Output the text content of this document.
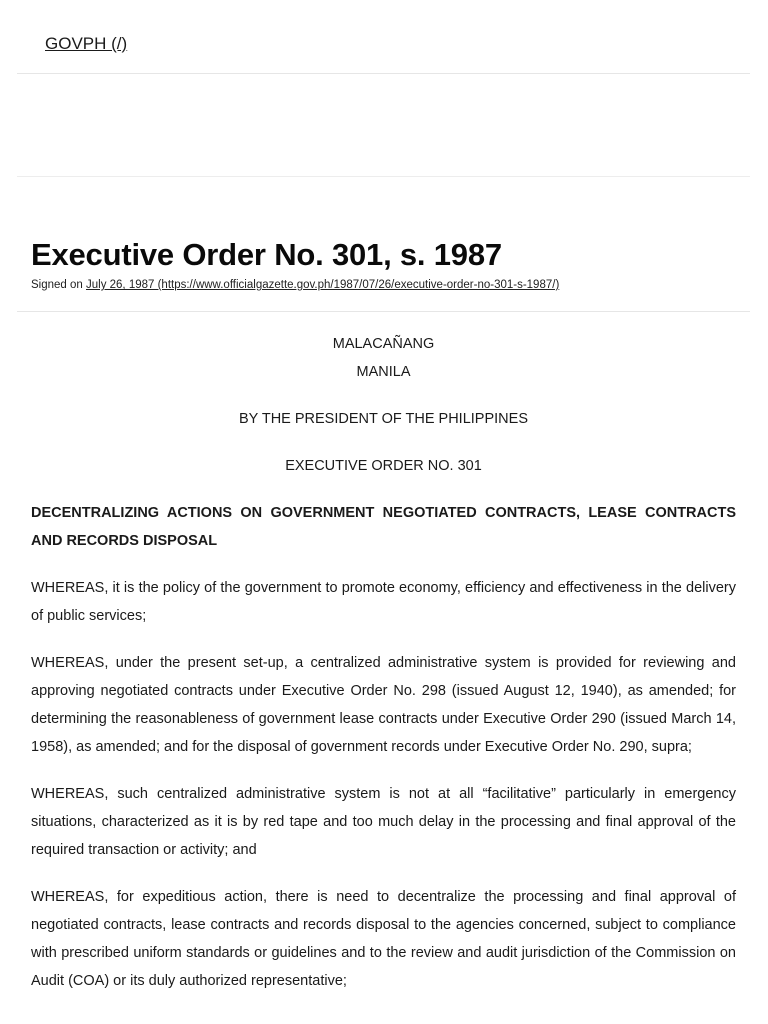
GOVPH (/)
Executive Order No. 301, s. 1987
Signed on July 26, 1987 (https://www.officialgazette.gov.ph/1987/07/26/executive-order-no-301-s-1987/)
MALACAÑANG
MANILA

BY THE PRESIDENT OF THE PHILIPPINES

EXECUTIVE ORDER NO. 301

DECENTRALIZING ACTIONS ON GOVERNMENT NEGOTIATED CONTRACTS, LEASE CONTRACTS AND RECORDS DISPOSAL

WHEREAS, it is the policy of the government to promote economy, efficiency and effectiveness in the delivery of public services;

WHEREAS, under the present set-up, a centralized administrative system is provided for reviewing and approving negotiated contracts under Executive Order No. 298 (issued August 12, 1940), as amended; for determining the reasonableness of government lease contracts under Executive Order 290 (issued March 14, 1958), as amended; and for the disposal of government records under Executive Order No. 290, supra;

WHEREAS, such centralized administrative system is not at all “facilitative” particularly in emergency situations, characterized as it is by red tape and too much delay in the processing and final approval of the required transaction or activity; and

WHEREAS, for expeditious action, there is need to decentralize the processing and final approval of negotiated contracts, lease contracts and records disposal to the agencies concerned, subject to compliance with prescribed uniform standards or guidelines and to the review and audit jurisdiction of the Commission on Audit (COA) or its duly authorized representative;
